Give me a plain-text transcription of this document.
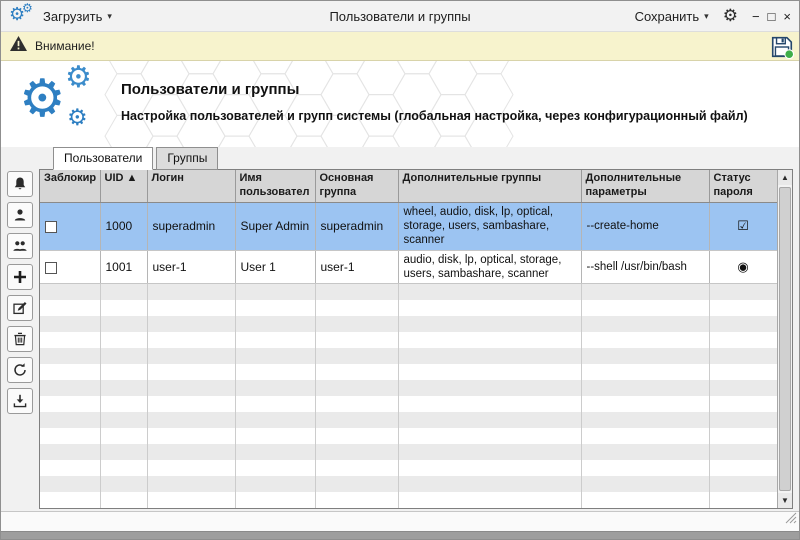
⚙
⚙
Загрузить ▾	Пользователи и группы	Сохранить ▾ ⚙ − □ ×
Внимание!
⚙ ⚙
⚙
Пользователи и группы
Настройка пользователей и групп системы (глобальная настройка, через конфигурационный файл)
Пользователи	Группы
Заблокир	UID ▲	Логин	Имя пользовател	Основная группа	Дополнительные группы	Дополнительные параметры	Статус пароля
	1000	superadmin	Super Admin	superadmin	wheel, audio, disk, lp, optical, storage, users, sambashare, scanner	--create-home	☑
	1001	user-1	User 1	user-1	audio, disk, lp, optical, storage, users, sambashare, scanner	--shell /usr/bin/bash	◉

▲
▼
